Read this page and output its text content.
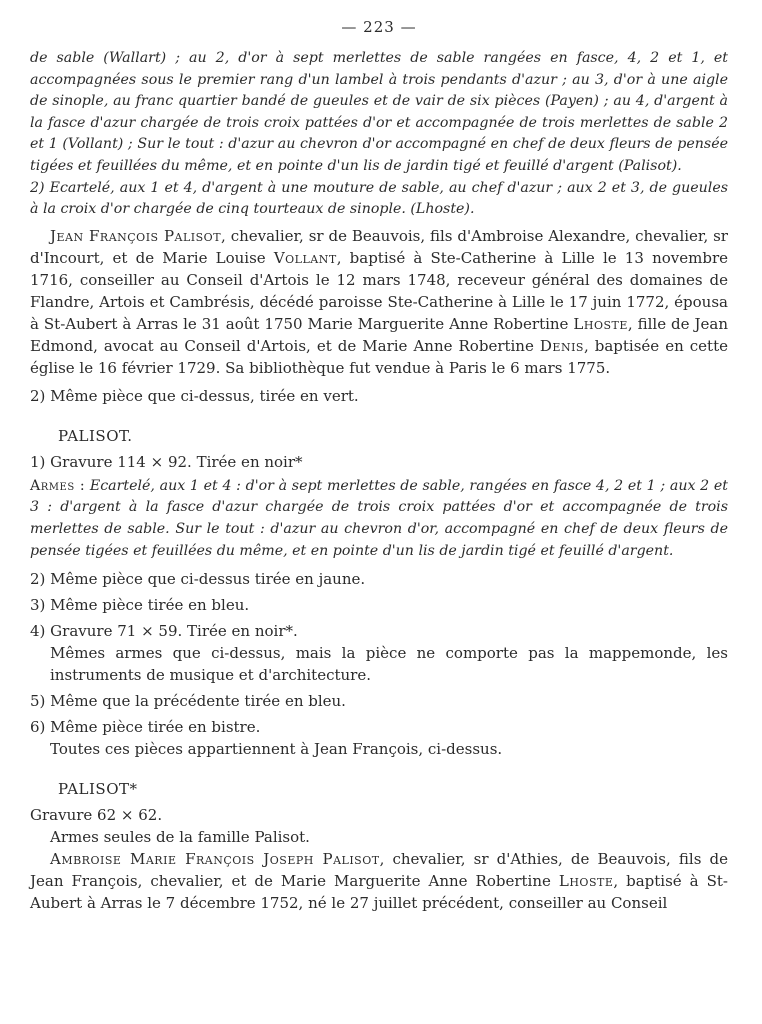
— 223 —

de sable (Wallart) ; au 2, d'or à sept merlettes de sable rangées en fasce, 4, 2 et 1, et accompagnées sous le premier rang d'un lambel à trois pendants d'azur ; au 3, d'or à une aigle de sinople, au franc quartier bandé de gueules et de vair de six pièces (Payen) ; au 4, d'argent à la fasce d'azur chargée de trois croix pattées d'or et accompagnée de trois merlettes de sable 2 et 1 (Vollant) ; Sur le tout : d'azur au chevron d'or accompagné en chef de deux fleurs de pensée tigées et feuillées du même, et en pointe d'un lis de jardin tigé et feuillé d'argent (Palisot).

2) Ecartelé, aux 1 et 4, d'argent à une mouture de sable, au chef d'azur ; aux 2 et 3, de gueules à la croix d'or chargée de cinq tourteaux de sinople. (Lhoste).

Jean François Palisot, chevalier, sr de Beauvois, fils d'Ambroise Alexandre, chevalier, sr d'Incourt, et de Marie Louise Vollant, baptisé à Ste-Catherine à Lille le 13 novembre 1716, conseiller au Conseil d'Artois le 12 mars 1748, receveur général des domaines de Flandre, Artois et Cambrésis, décédé paroisse Ste-Catherine à Lille le 17 juin 1772, épousa à St-Aubert à Arras le 31 août 1750 Marie Marguerite Anne Robertine Lhoste, fille de Jean Edmond, avocat au Conseil d'Artois, et de Marie Anne Robertine Denis, baptisée en cette église le 16 février 1729. Sa bibliothèque fut vendue à Paris le 6 mars 1775.

2) Même pièce que ci-dessus, tirée en vert.

PALISOT.

1) Gravure 114 × 92. Tirée en noir*

Armes : Ecartelé, aux 1 et 4 : d'or à sept merlettes de sable, rangées en fasce 4, 2 et 1 ; aux 2 et 3 : d'argent à la fasce d'azur chargée de trois croix pattées d'or et accompagnée de trois merlettes de sable. Sur le tout : d'azur au chevron d'or, accompagné en chef de deux fleurs de pensée tigées et feuillées du même, et en pointe d'un lis de jardin tigé et feuillé d'argent.

2) Même pièce que ci-dessus tirée en jaune.

3) Même pièce tirée en bleu.

4) Gravure 71 × 59. Tirée en noir*.

Mêmes armes que ci-dessus, mais la pièce ne comporte pas la mappemonde, les instruments de musique et d'architecture.

5) Même que la précédente tirée en bleu.

6) Même pièce tirée en bistre.

Toutes ces pièces appartiennent à Jean François, ci-dessus.

PALISOT*

Gravure 62 × 62.

Armes seules de la famille Palisot.

Ambroise Marie François Joseph Palisot, chevalier, sr d'Athies, de Beauvois, fils de Jean François, chevalier, et de Marie Marguerite Anne Robertine Lhoste, baptisé à St-Aubert à Arras le 7 décembre 1752, né le 27 juillet précédent, conseiller au Conseil
